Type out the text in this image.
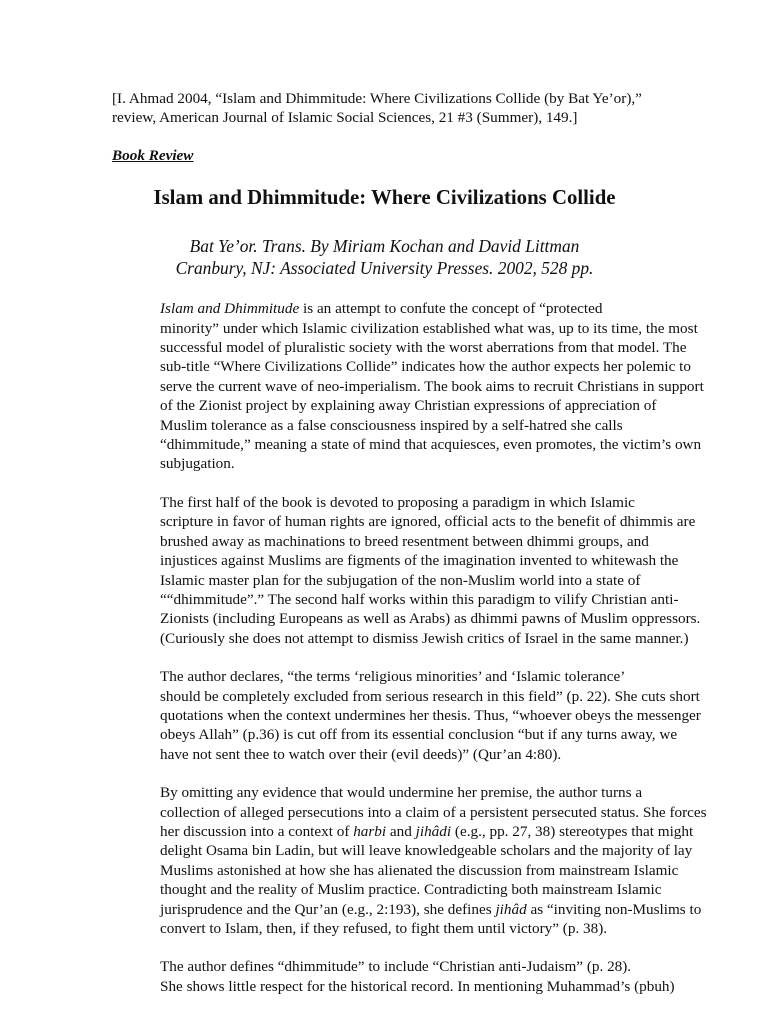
[I. Ahmad 2004, “Islam and Dhimmitude: Where Civilizations Collide (by Bat Ye’or),”
review, American Journal of Islamic Social Sciences, 21 #3 (Summer), 149.]

Book Review

Islam and Dhimmitude: Where Civilizations Collide

Bat Ye’or. Trans. By Miriam Kochan and David Littman
Cranbury, NJ: Associated University Presses. 2002, 528 pp.

Islam and Dhimmitude is an attempt to confute the concept of “protected

minority” under which Islamic civilization established what was, up to its time, the most
successful model of pluralistic society with the worst aberrations from that model. The
sub-title “Where Civilizations Collide” indicates how the author expects her polemic to
serve the current wave of neo-imperialism. The book aims to recruit Christians in support
of the Zionist project by explaining away Christian expressions of appreciation of
Muslim tolerance as a false consciousness inspired by a self-hatred she calls
“dhimmitude,” meaning a state of mind that acquiesces, even promotes, the victim’s own
subjugation.

The first half of the book is devoted to proposing a paradigm in which Islamic

scripture in favor of human rights are ignored, official acts to the benefit of dhimmis are
brushed away as machinations to breed resentment between dhimmi groups, and
injustices against Muslims are figments of the imagination invented to whitewash the
Islamic master plan for the subjugation of the non-Muslim world into a state of
““dhimmitude”.” The second half works within this paradigm to vilify Christian anti-
Zionists (including Europeans as well as Arabs) as dhimmi pawns of Muslim oppressors.
(Curiously she does not attempt to dismiss Jewish critics of Israel in the same manner.)

The author declares, “the terms ‘religious minorities’ and ‘Islamic tolerance’

should be completely excluded from serious research in this field” (p. 22). She cuts short
quotations when the context undermines her thesis. Thus, “whoever obeys the messenger
obeys Allah” (p.36) is cut off from its essential conclusion “but if any turns away, we
have not sent thee to watch over their (evil deeds)” (Qur’an 4:80).

By omitting any evidence that would undermine her premise, the author turns a

collection of alleged persecutions into a claim of a persistent persecuted status. She forces
her discussion into a context of harbi and jihâdi (e.g., pp. 27, 38) stereotypes that might
delight Osama bin Ladin, but will leave knowledgeable scholars and the majority of lay
Muslims astonished at how she has alienated the discussion from mainstream Islamic
thought and the reality of Muslim practice. Contradicting both mainstream Islamic
jurisprudence and the Qur’an (e.g., 2:193), she defines jihâd as “inviting non-Muslims to
convert to Islam, then, if they refused, to fight them until victory” (p. 38).

The author defines “dhimmitude” to include “Christian anti-Judaism” (p. 28).

She shows little respect for the historical record. In mentioning Muhammad’s (pbuh)
